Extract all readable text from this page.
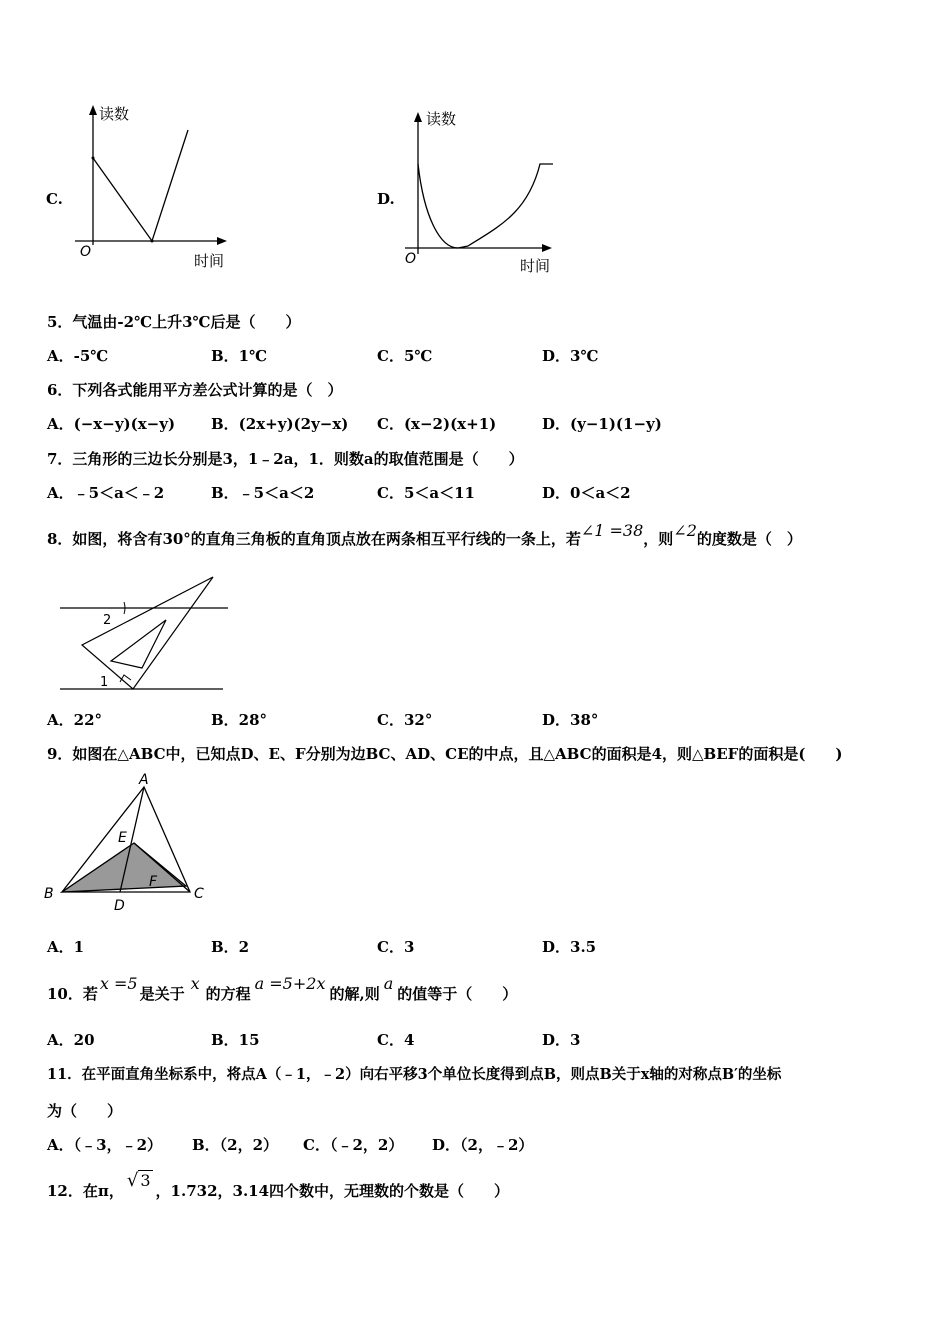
C.
读数
O	时间
D.
读数
O	时间
5．气温由-2℃上升3℃后是（　　）
A．-5℃	B．1℃	C．5℃	D．3℃
6．下列各式能用平方差公式计算的是（　）
A．(−x−y)(x−y) B．(2x+y)(2y−x) C．(x−2)(x+1)	D．(y−1)(1−y)
7．三角形的三边长分别是3，1﹣2a，1．则数a的取值范围是（　　）
A．﹣5＜a＜﹣2	B．﹣5＜a＜2	C．5＜a＜11	D．0＜a＜2
8．如图，将含有30°的直角三角板的直角顶点放在两条相互平行线的一条上，若∠1 =38，则∠2的度数是（　）
2
1
A．22°	B．28°	C．32°	D．38°
9．如图在△ABC中，已知点D、E、F分别为边BC、AD、CE的中点，且△ABC的面积是4，则△BEF的面积是(　　)
A
B	C
D
E
F
A．1	B．2	C．3	D．3.5
10．若x =5是关于x的方程a =5+2x的解,则a的值等于（　　）
A．20	B．15	C．4	D．3
11．在平面直角坐标系中，将点A（﹣1，﹣2）向右平移3个单位长度得到点B，则点B关于x轴的对称点B′的坐标
为（　　）
A．（﹣3，﹣2） B．（2，2） C．（﹣2，2） D．（2，﹣2）
12．在π， √ 3，1.732，3.14四个数中，无理数的个数是（　　）
